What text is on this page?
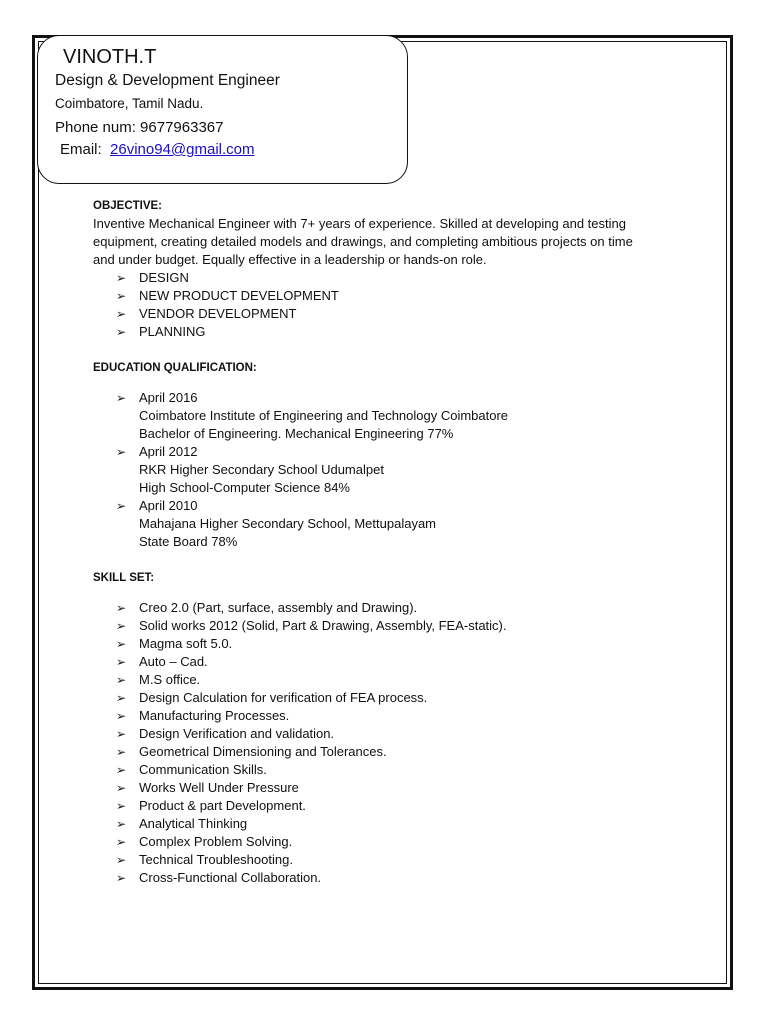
VINOTH.T
Design & Development Engineer
Coimbatore, Tamil Nadu.
Phone num: 9677963367
Email: 26vino94@gmail.com
OBJECTIVE:

Inventive Mechanical Engineer with 7+ years of experience. Skilled at developing and testing equipment, creating detailed models and drawings, and completing ambitious projects on time and under budget. Equally effective in a leadership or hands-on role.

➢ DESIGN
➢ NEW PRODUCT DEVELOPMENT
➢ VENDOR DEVELOPMENT
➢ PLANNING
EDUCATION QUALIFICATION:
➢ April 2016
Coimbatore Institute of Engineering and Technology Coimbatore
Bachelor of Engineering. Mechanical Engineering 77%
➢ April 2012
RKR Higher Secondary School Udumalpet
High School-Computer Science 84%
➢ April 2010
Mahajana Higher Secondary School, Mettupalayam
State Board 78%
SKILL SET:
➢ Creo 2.0 (Part, surface, assembly and Drawing).
➢ Solid works 2012 (Solid, Part & Drawing, Assembly, FEA-static).
➢ Magma soft 5.0.
➢ Auto – Cad.
➢ M.S office.
➢ Design Calculation for verification of FEA process.
➢ Manufacturing Processes.
➢ Design Verification and validation.
➢ Geometrical Dimensioning and Tolerances.
➢ Communication Skills.
➢ Works Well Under Pressure
➢ Product & part Development.
➢ Analytical Thinking
➢ Complex Problem Solving.
➢ Technical Troubleshooting.
➢ Cross-Functional Collaboration.
